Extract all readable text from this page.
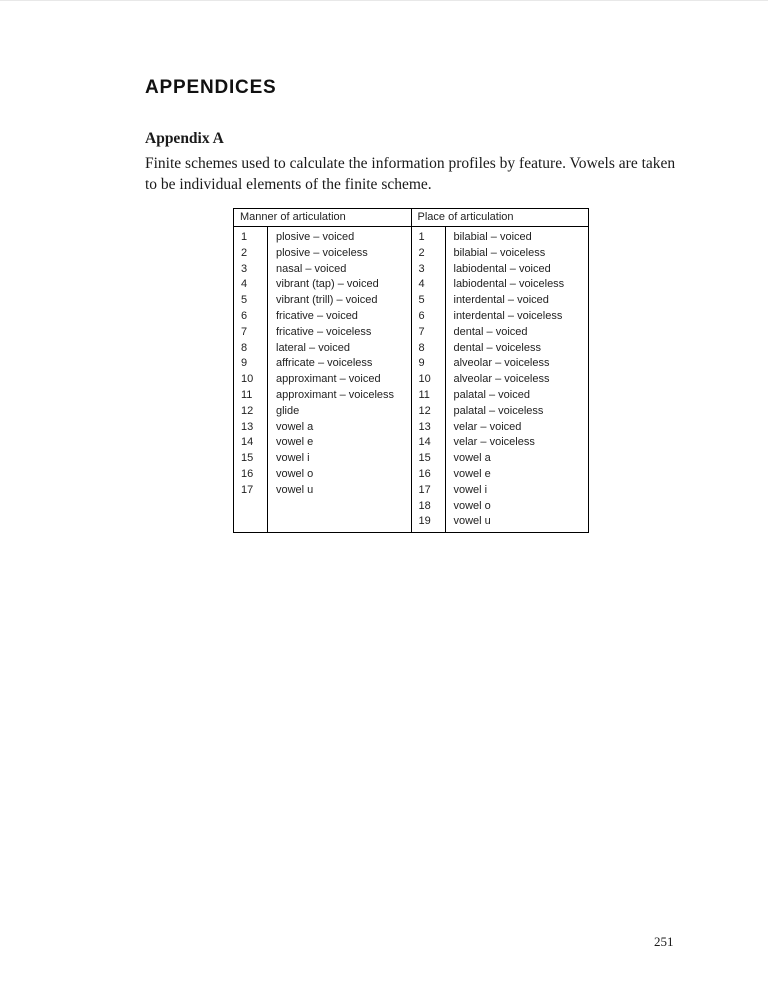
APPENDICES
Appendix A
Finite schemes used to calculate the information profiles by feature. Vowels are taken to be individual elements of the finite scheme.
Manner of articulation
1	plosive – voiced
2	plosive – voiceless
3	nasal – voiced
4	vibrant (tap) – voiced
5	vibrant (trill) – voiced
6	fricative – voiced
7	fricative – voiceless
8	lateral – voiced
9	affricate – voiceless
10	approximant – voiced
11	approximant – voiceless
12	glide
13	vowel a
14	vowel e
15	vowel i
16	vowel o
17	vowel u
Place of articulation
1	bilabial – voiced
2	bilabial – voiceless
3	labiodental – voiced
4	labiodental – voiceless
5	interdental – voiced
6	interdental – voiceless
7	dental – voiced
8	dental – voiceless
9	alveolar – voiceless
10	alveolar – voiceless
11	palatal – voiced
12	palatal – voiceless
13	velar – voiced
14	velar – voiceless
15	vowel a
16	vowel e
17	vowel i
18	vowel o
19	vowel u
251
